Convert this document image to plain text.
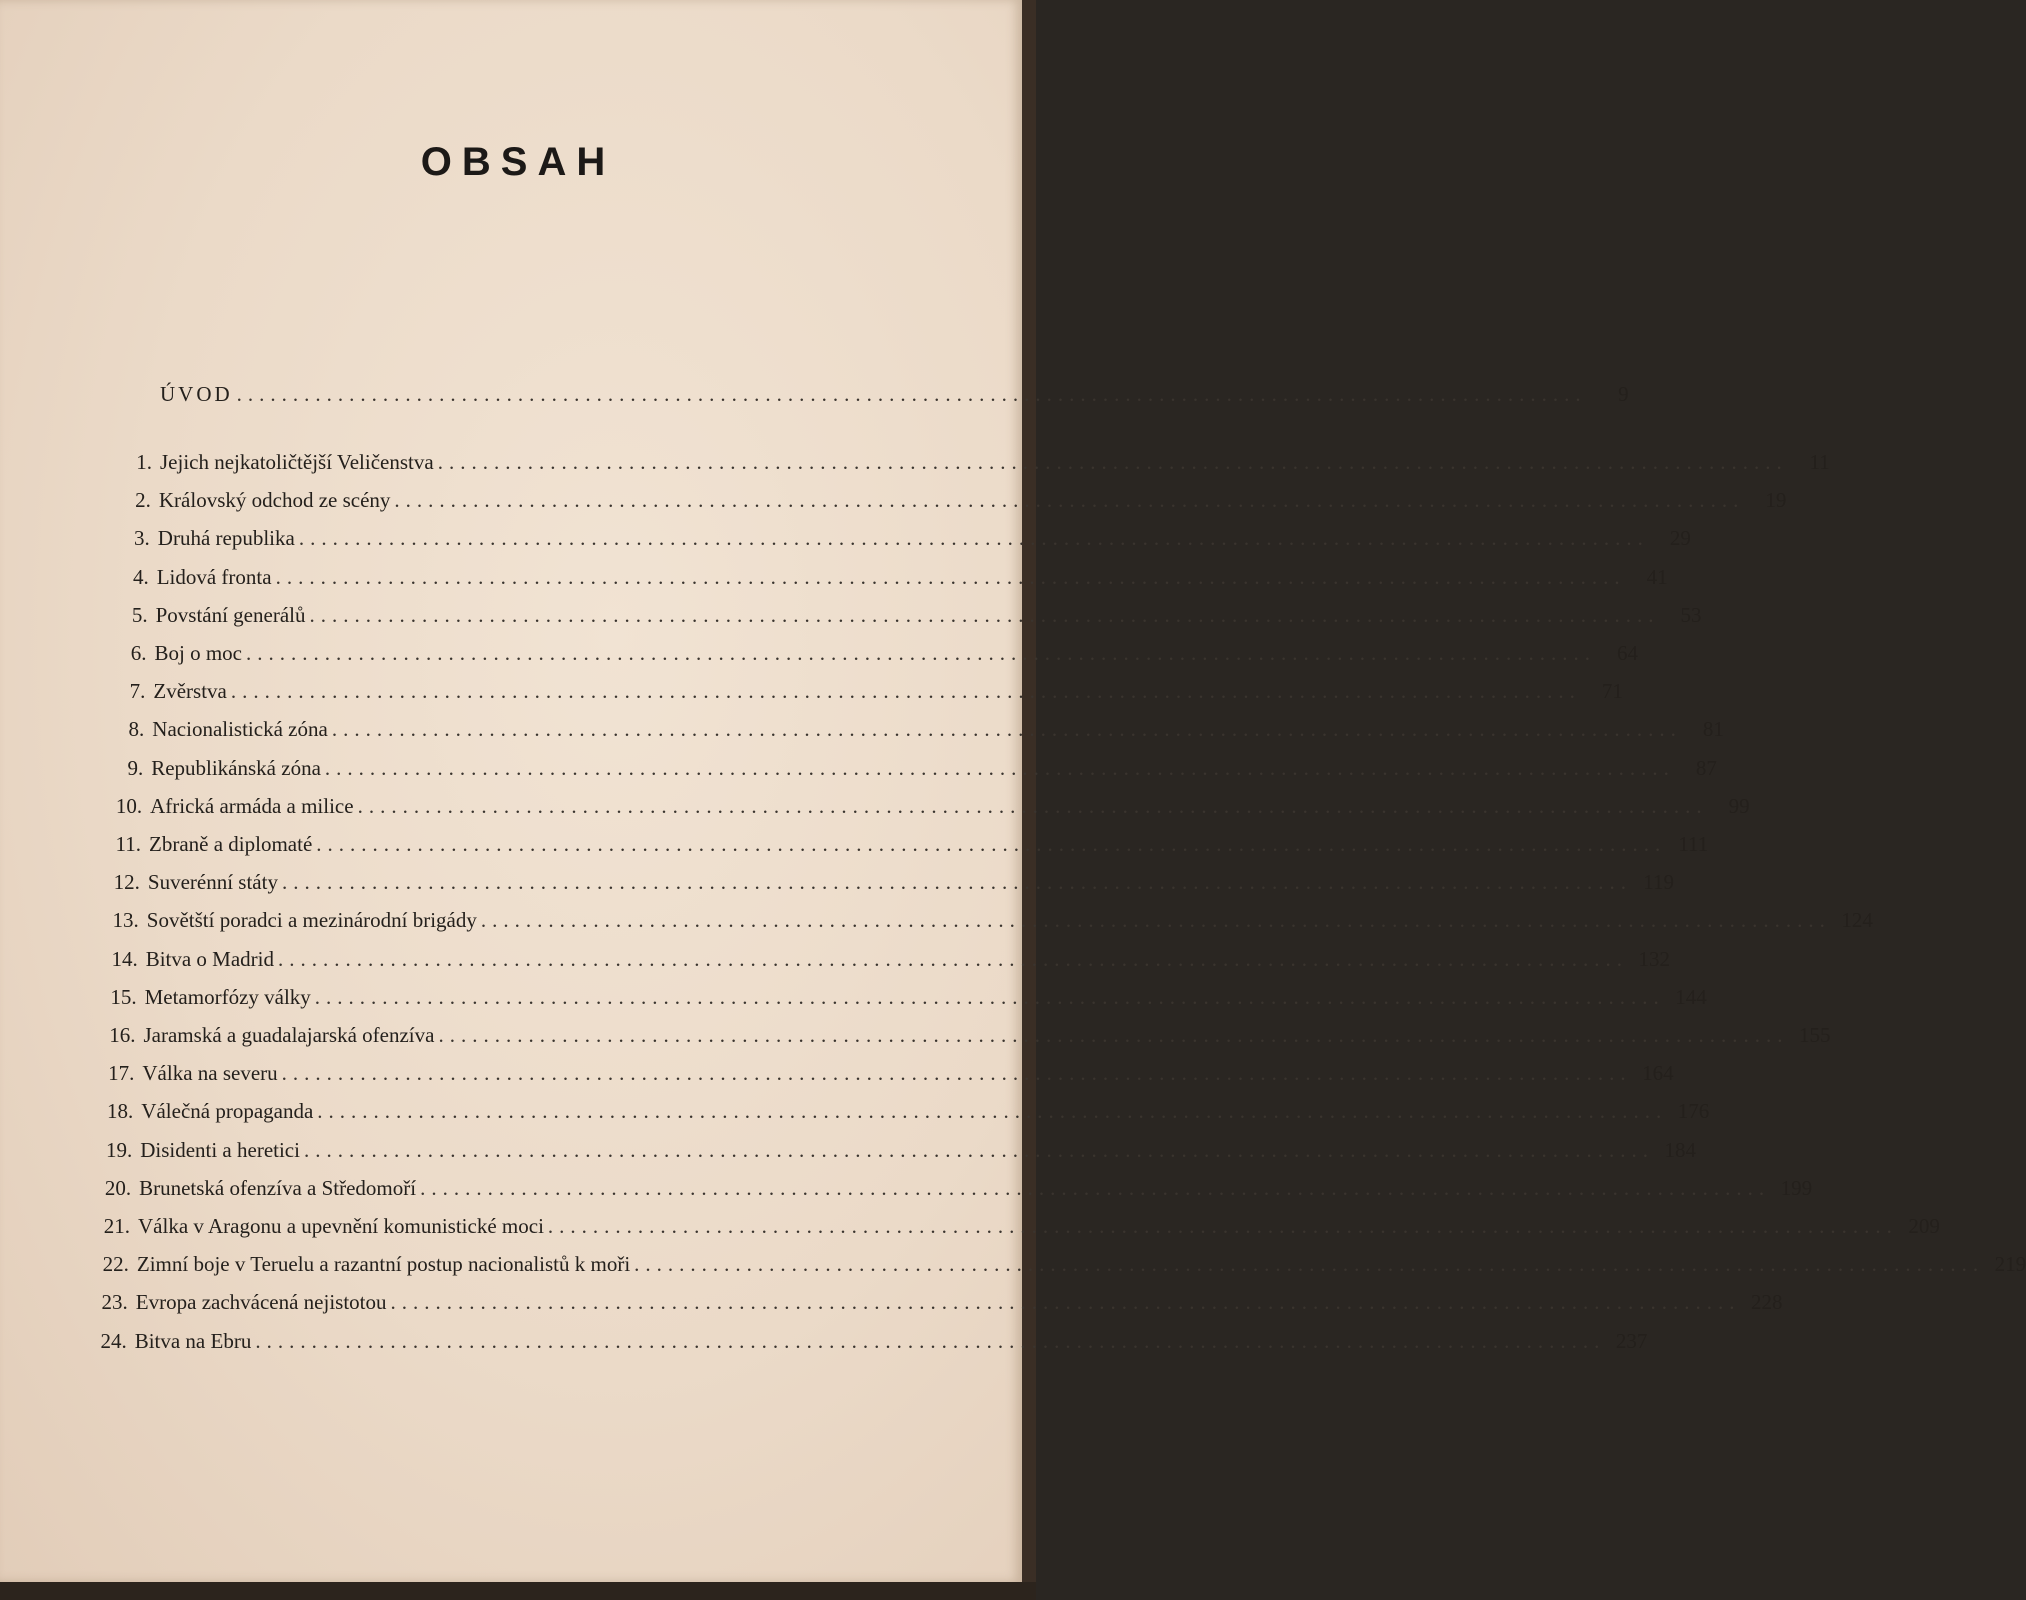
OBSAH
ÚVOD ........................................................................................................................	9
1. Jejich nejkatoličtější Veličenstva ........................................................................................................................	11
2. Královský odchod ze scény ........................................................................................................................	19
3. Druhá republika ........................................................................................................................	29
4. Lidová fronta ........................................................................................................................	41
5. Povstání generálů ........................................................................................................................	53
6. Boj o moc ........................................................................................................................	64
7. Zvěrstva ........................................................................................................................	71
8. Nacionalistická zóna ........................................................................................................................	81
9. Republikánská zóna ........................................................................................................................	87
10. Africká armáda a milice ........................................................................................................................	99
11. Zbraně a diplomaté ........................................................................................................................ 111
12. Suverénní státy ........................................................................................................................ 119
13. Sovětští poradci a mezinárodní brigády ........................................................................................................................ 124
14. Bitva o Madrid ........................................................................................................................ 132
15. Metamorfózy války ........................................................................................................................ 144
16. Jaramská a guadalajarská ofenzíva ........................................................................................................................ 155
17. Válka na severu ........................................................................................................................ 164
18. Válečná propaganda ........................................................................................................................ 176
19. Disidenti a heretici ........................................................................................................................ 184
20. Brunetská ofenzíva a Středomoří ........................................................................................................................ 199
21. Válka v Aragonu a upevnění komunistické moci ........................................................................................................................ 209
22. Zimní boje v Teruelu a razantní postup nacionalistů k moři ........................................................................................................................ 219
23. Evropa zachvácená nejistotou ........................................................................................................................ 228
24. Bitva na Ebru ........................................................................................................................ 237
